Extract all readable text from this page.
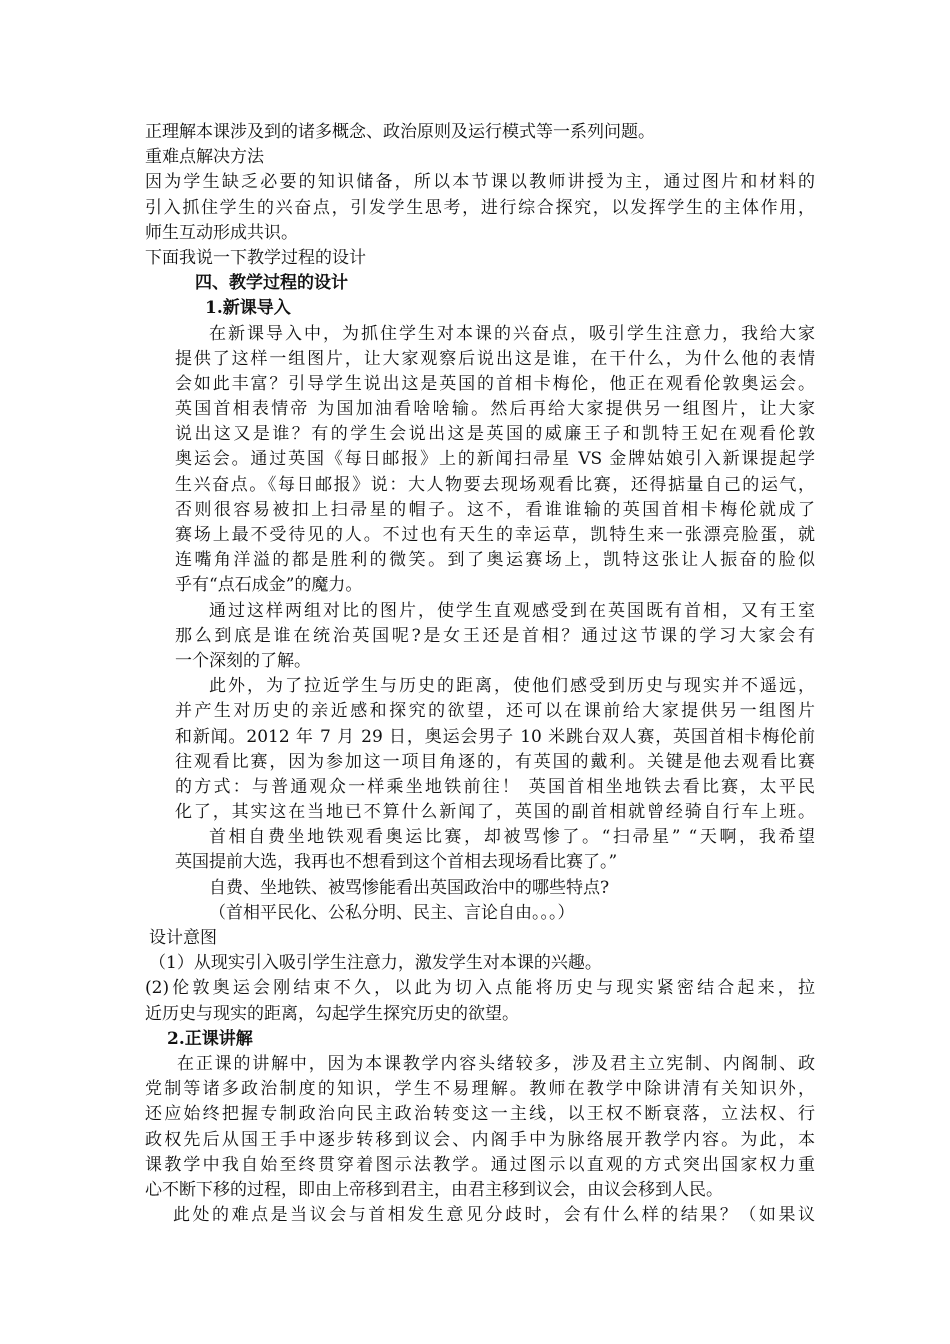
正理解本课涉及到的诸多概念、政治原则及运行模式等一系列问题。
重难点解决方法
因为学生缺乏必要的知识储备，所以本节课以教师讲授为主，通过图片和材料的
引入抓住学生的兴奋点，引发学生思考，进行综合探究，以发挥学生的主体作用，
师生互动形成共识。
下面我说一下教学过程的设计
四、教学过程的设计
1.新课导入
在新课导入中，为抓住学生对本课的兴奋点，吸引学生注意力，我给大家
提供了这样一组图片，让大家观察后说出这是谁，在干什么，为什么他的表情
会如此丰富？引导学生说出这是英国的首相卡梅伦，他正在观看伦敦奥运会。
英国首相表情帝 为国加油看啥啥输。然后再给大家提供另一组图片，让大家
说出这又是谁？有的学生会说出这是英国的威廉王子和凯特王妃在观看伦敦
奥运会。通过英国《每日邮报》上的新闻扫帚星 VS 金牌姑娘引入新课提起学
生兴奋点。《每日邮报》说：大人物要去现场观看比赛，还得掂量自己的运气，
否则很容易被扣上扫帚星的帽子。这不，看谁谁输的英国首相卡梅伦就成了
赛场上最不受待见的人。不过也有天生的幸运草，凯特生来一张漂亮脸蛋，就
连嘴角洋溢的都是胜利的微笑。到了奥运赛场上，凯特这张让人振奋的脸似
乎有“点石成金”的魔力。
通过这样两组对比的图片，使学生直观感受到在英国既有首相，又有王室
那么到底是谁在统治英国呢?是女王还是首相？通过这节课的学习大家会有
一个深刻的了解。
此外，为了拉近学生与历史的距离，使他们感受到历史与现实并不遥远，
并产生对历史的亲近感和探究的欲望，还可以在课前给大家提供另一组图片
和新闻。2012 年 7 月 29 日，奥运会男子 10 米跳台双人赛，英国首相卡梅伦前
往观看比赛，因为参加这一项目角逐的，有英国的戴利。关键是他去观看比赛
的方式：与普通观众一样乘坐地铁前往！ 英国首相坐地铁去看比赛，太平民
化了，其实这在当地已不算什么新闻了，英国的副首相就曾经骑自行车上班。
首相自费坐地铁观看奥运比赛，却被骂惨了。“扫帚星” “天啊，我希望
英国提前大选，我再也不想看到这个首相去现场看比赛了。”
自费、坐地铁、被骂惨能看出英国政治中的哪些特点?
（首相平民化、公私分明、民主、言论自由。。。）
设计意图
（1）从现实引入吸引学生注意力，激发学生对本课的兴趣。
(2)伦敦奥运会刚结束不久，以此为切入点能将历史与现实紧密结合起来，拉
近历史与现实的距离，勾起学生探究历史的欲望。
2.正课讲解
在正课的讲解中，因为本课教学内容头绪较多，涉及君主立宪制、内阁制、政
党制等诸多政治制度的知识，学生不易理解。教师在教学中除讲清有关知识外，
还应始终把握专制政治向民主政治转变这一主线，以王权不断衰落，立法权、行
政权先后从国王手中逐步转移到议会、内阁手中为脉络展开教学内容。为此，本
课教学中我自始至终贯穿着图示法教学。通过图示以直观的方式突出国家权力重
心不断下移的过程，即由上帝移到君主，由君主移到议会，由议会移到人民。
此处的难点是当议会与首相发生意见分歧时，会有什么样的结果？（如果议
